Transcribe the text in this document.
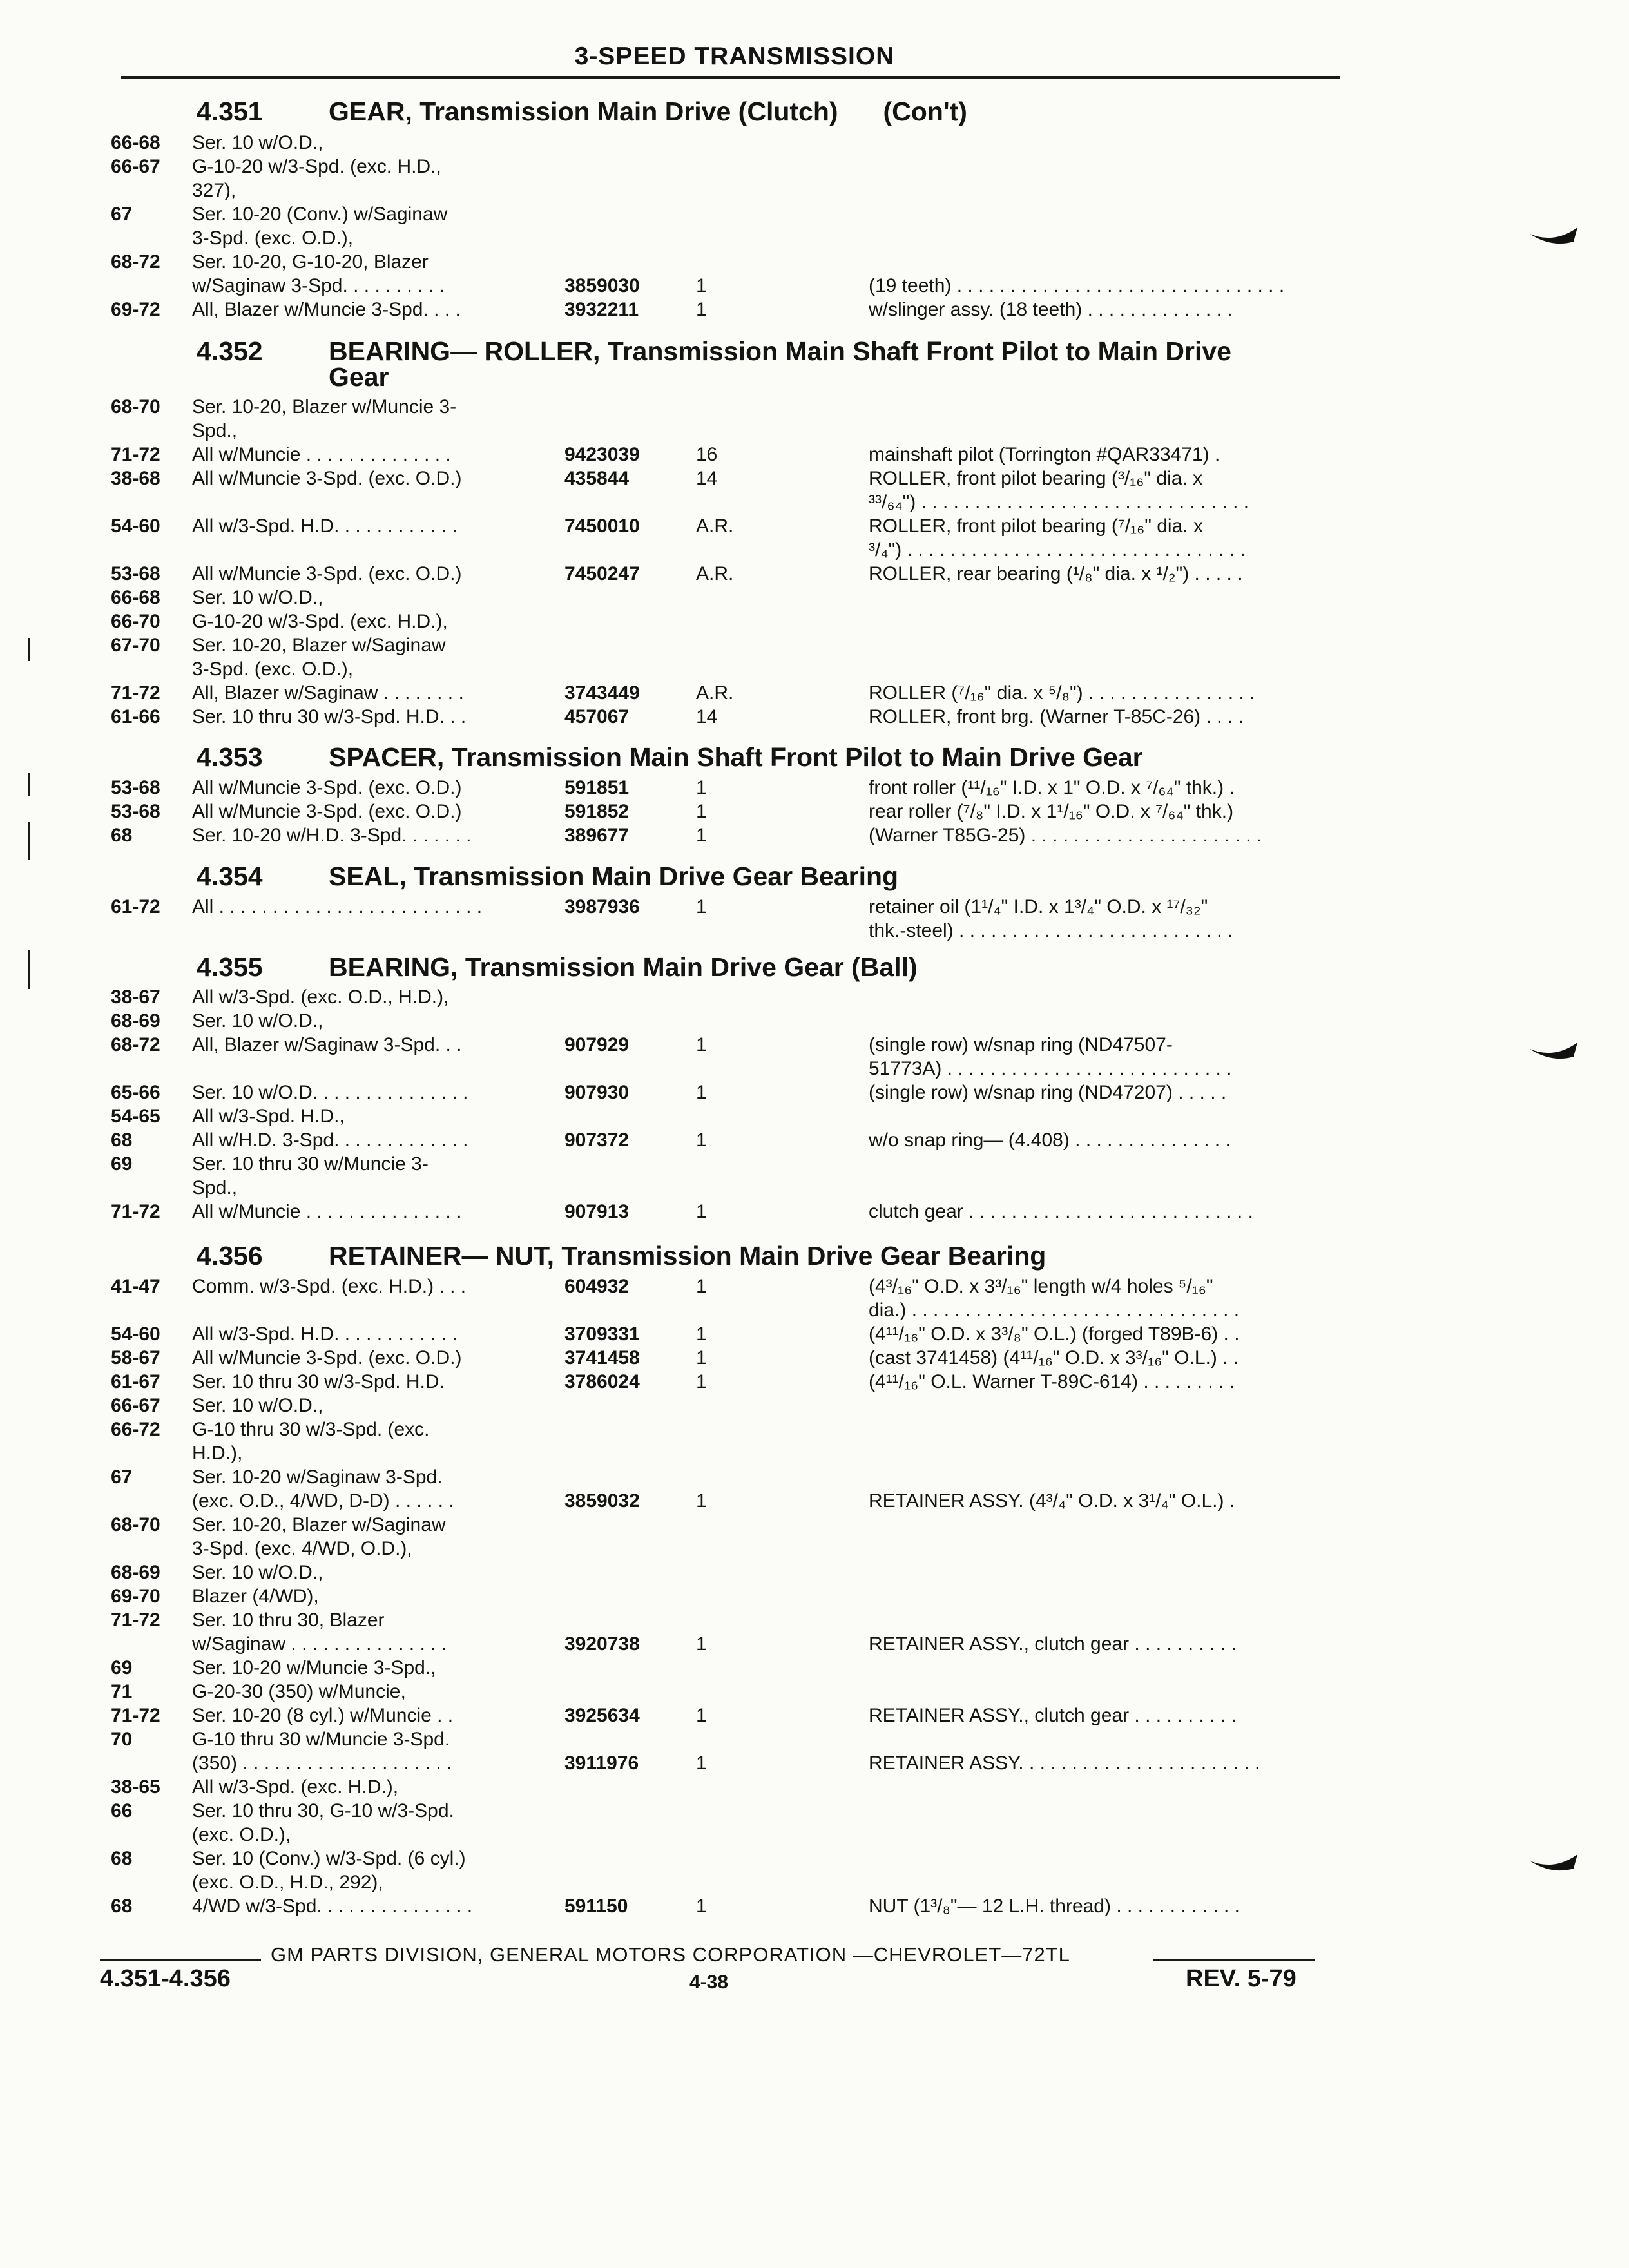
3-SPEED TRANSMISSION
4.351 GEAR, Transmission Main Drive (Clutch) (Con't)
66-68 Ser. 10 w/O.D.,
66-67 G-10-20 w/3-Spd. (exc. H.D.,
327),
67	Ser. 10-20 (Conv.) w/Saginaw
3-Spd. (exc. O.D.),
68-72 Ser. 10-20, G-10-20, Blazer
w/Saginaw 3-Spd. . . . . . . . . .	3859030	1	(19 teeth) . . . . . . . . . . . . . . . . . . . . . . . . . . . . . . .
69-72 All, Blazer w/Muncie 3-Spd. . . .	3932211	1	w/slinger assy. (18 teeth) . . . . . . . . . . . . . .
4.352 BEARING— ROLLER, Transmission Main Shaft Front Pilot to Main Drive
Gear
68-70 Ser. 10-20, Blazer w/Muncie 3-
Spd.,
71-72 All w/Muncie . . . . . . . . . . . . . .	9423039	16	mainshaft pilot (Torrington #QAR33471) .
38-68 All w/Muncie 3-Spd. (exc. O.D.)	435844	14	ROLLER, front pilot bearing (³/₁₆" dia. x
³³/₆₄") . . . . . . . . . . . . . . . . . . . . . . . . . . . . . . .
54-60 All w/3-Spd. H.D. . . . . . . . . . . .	7450010	A.R.	ROLLER, front pilot bearing (⁷/₁₆" dia. x
³/₄") . . . . . . . . . . . . . . . . . . . . . . . . . . . . . . . .
53-68 All w/Muncie 3-Spd. (exc. O.D.)	7450247	A.R.	ROLLER, rear bearing (¹/₈" dia. x ¹/₂") . . . . .
66-68 Ser. 10 w/O.D.,
66-70 G-10-20 w/3-Spd. (exc. H.D.),
67-70 Ser. 10-20, Blazer w/Saginaw
3-Spd. (exc. O.D.),
71-72 All, Blazer w/Saginaw . . . . . . . .	3743449	A.R.	ROLLER (⁷/₁₆" dia. x ⁵/₈") . . . . . . . . . . . . . . . .
61-66 Ser. 10 thru 30 w/3-Spd. H.D. . .	457067	14	ROLLER, front brg. (Warner T-85C-26) . . . .
4.353 SPACER, Transmission Main Shaft Front Pilot to Main Drive Gear
53-68 All w/Muncie 3-Spd. (exc. O.D.)	591851	1	front roller (¹¹/₁₆" I.D. x 1" O.D. x ⁷/₆₄" thk.) .
53-68 All w/Muncie 3-Spd. (exc. O.D.)	591852	1	rear roller (⁷/₈" I.D. x 1¹/₁₆" O.D. x ⁷/₆₄" thk.)
68	Ser. 10-20 w/H.D. 3-Spd. . . . . . .	389677	1	(Warner T85G-25) . . . . . . . . . . . . . . . . . . . . . .
4.354 SEAL, Transmission Main Drive Gear Bearing
61-72 All . . . . . . . . . . . . . . . . . . . . . . . . .	3987936	1	retainer oil (1¹/₄" I.D. x 1³/₄" O.D. x ¹⁷/₃₂"
thk.-steel) . . . . . . . . . . . . . . . . . . . . . . . . . .
4.355 BEARING, Transmission Main Drive Gear (Ball)
38-67 All w/3-Spd. (exc. O.D., H.D.),
68-69 Ser. 10 w/O.D.,
68-72 All, Blazer w/Saginaw 3-Spd. . .	907929	1	(single row) w/snap ring (ND47507-
51773A) . . . . . . . . . . . . . . . . . . . . . . . . . . .
65-66 Ser. 10 w/O.D. . . . . . . . . . . . . . .	907930	1	(single row) w/snap ring (ND47207) . . . . .
54-65 All w/3-Spd. H.D.,
68	All w/H.D. 3-Spd. . . . . . . . . . . . .	907372	1	w/o snap ring— (4.408) . . . . . . . . . . . . . . .
69	Ser. 10 thru 30 w/Muncie 3-
Spd.,
71-72 All w/Muncie . . . . . . . . . . . . . . .	907913	1	clutch gear . . . . . . . . . . . . . . . . . . . . . . . . . . .
4.356 RETAINER— NUT, Transmission Main Drive Gear Bearing
41-47 Comm. w/3-Spd. (exc. H.D.) . . .	604932	1	(4³/₁₆" O.D. x 3³/₁₆" length w/4 holes ⁵/₁₆"
dia.) . . . . . . . . . . . . . . . . . . . . . . . . . . . . . . .
54-60 All w/3-Spd. H.D. . . . . . . . . . . .	3709331	1	(4¹¹/₁₆" O.D. x 3³/₈" O.L.) (forged T89B-6) . .
58-67 All w/Muncie 3-Spd. (exc. O.D.)	3741458	1	(cast 3741458) (4¹¹/₁₆" O.D. x 3³/₁₆" O.L.) . .
61-67 Ser. 10 thru 30 w/3-Spd. H.D.	3786024	1	(4¹¹/₁₆" O.L. Warner T-89C-614) . . . . . . . . .
66-67 Ser. 10 w/O.D.,
66-72 G-10 thru 30 w/3-Spd. (exc.
H.D.),
67	Ser. 10-20 w/Saginaw 3-Spd.
(exc. O.D., 4/WD, D-D) . . . . . .	3859032	1	RETAINER ASSY. (4³/₄" O.D. x 3¹/₄" O.L.) .
68-70 Ser. 10-20, Blazer w/Saginaw
3-Spd. (exc. 4/WD, O.D.),
68-69 Ser. 10 w/O.D.,
69-70 Blazer (4/WD),
71-72 Ser. 10 thru 30, Blazer
w/Saginaw . . . . . . . . . . . . . . .	3920738	1	RETAINER ASSY., clutch gear . . . . . . . . . .
69	Ser. 10-20 w/Muncie 3-Spd.,
71	G-20-30 (350) w/Muncie,
71-72 Ser. 10-20 (8 cyl.) w/Muncie . .	3925634	1	RETAINER ASSY., clutch gear . . . . . . . . . .
70	G-10 thru 30 w/Muncie 3-Spd.
(350) . . . . . . . . . . . . . . . . . . . .	3911976	1	RETAINER ASSY. . . . . . . . . . . . . . . . . . . . . . .
38-65 All w/3-Spd. (exc. H.D.),
66	Ser. 10 thru 30, G-10 w/3-Spd.
(exc. O.D.),
68	Ser. 10 (Conv.) w/3-Spd. (6 cyl.)
(exc. O.D., H.D., 292),
68	4/WD w/3-Spd. . . . . . . . . . . . . . .	591150	1	NUT (1³/₈"— 12 L.H. thread) . . . . . . . . . . . .
GM PARTS DIVISION, GENERAL MOTORS CORPORATION —CHEVROLET—72TL
4.351-4.356	4-38	REV. 5-79
